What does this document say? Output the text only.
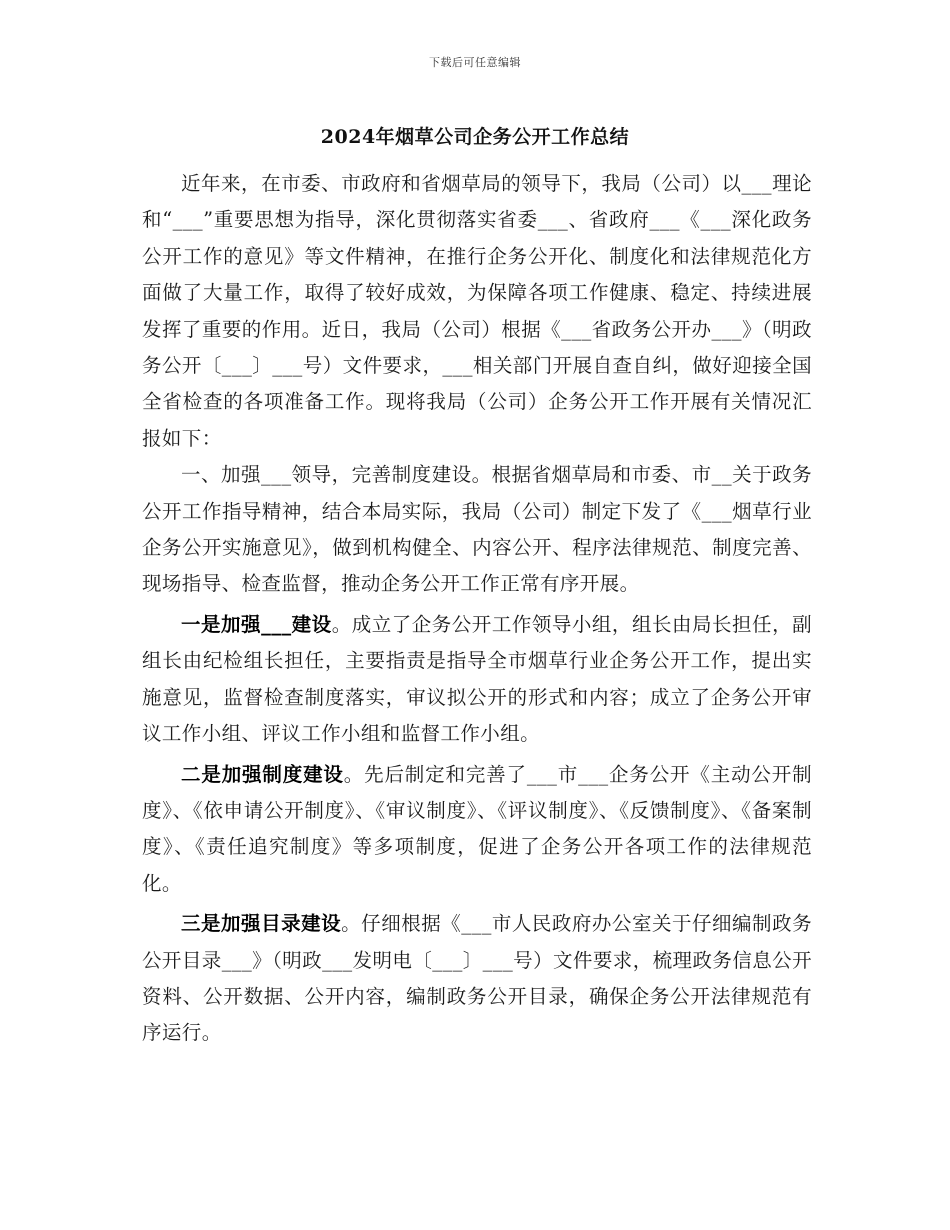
下载后可任意编辑
2024年烟草公司企务公开工作总结

近年来，在市委、市政府和省烟草局的领导下，我局（公司）以___理论和“___”重要思想为指导，深化贯彻落实省委___、省政府___《___深化政务公开工作的意见》等文件精神，在推行企务公开化、制度化和法律规范化方面做了大量工作，取得了较好成效，为保障各项工作健康、稳定、持续进展发挥了重要的作用。近日，我局（公司）根据《___省政务公开办___》（明政务公开〔___〕___号）文件要求，___相关部门开展自查自纠，做好迎接全国全省检查的各项准备工作。现将我局（公司）企务公开工作开展有关情况汇报如下：

一、加强___领导，完善制度建设。根据省烟草局和市委、市__关于政务公开工作指导精神，结合本局实际，我局（公司）制定下发了《___烟草行业企务公开实施意见》，做到机构健全、内容公开、程序法律规范、制度完善、现场指导、检查监督，推动企务公开工作正常有序开展。

一是加强___建设。成立了企务公开工作领导小组，组长由局长担任，副组长由纪检组长担任，主要指责是指导全市烟草行业企务公开工作，提出实施意见，监督检查制度落实，审议拟公开的形式和内容；成立了企务公开审议工作小组、评议工作小组和监督工作小组。

二是加强制度建设。先后制定和完善了___市___企务公开《主动公开制度》、《依申请公开制度》、《审议制度》、《评议制度》、《反馈制度》、《备案制度》、《责任追究制度》等多项制度，促进了企务公开各项工作的法律规范化。

三是加强目录建设。仔细根据《___市人民政府办公室关于仔细编制政务公开目录___》（明政___发明电〔___〕___号）文件要求，梳理政务信息公开资料、公开数据、公开内容，编制政务公开目录，确保企务公开法律规范有序运行。
